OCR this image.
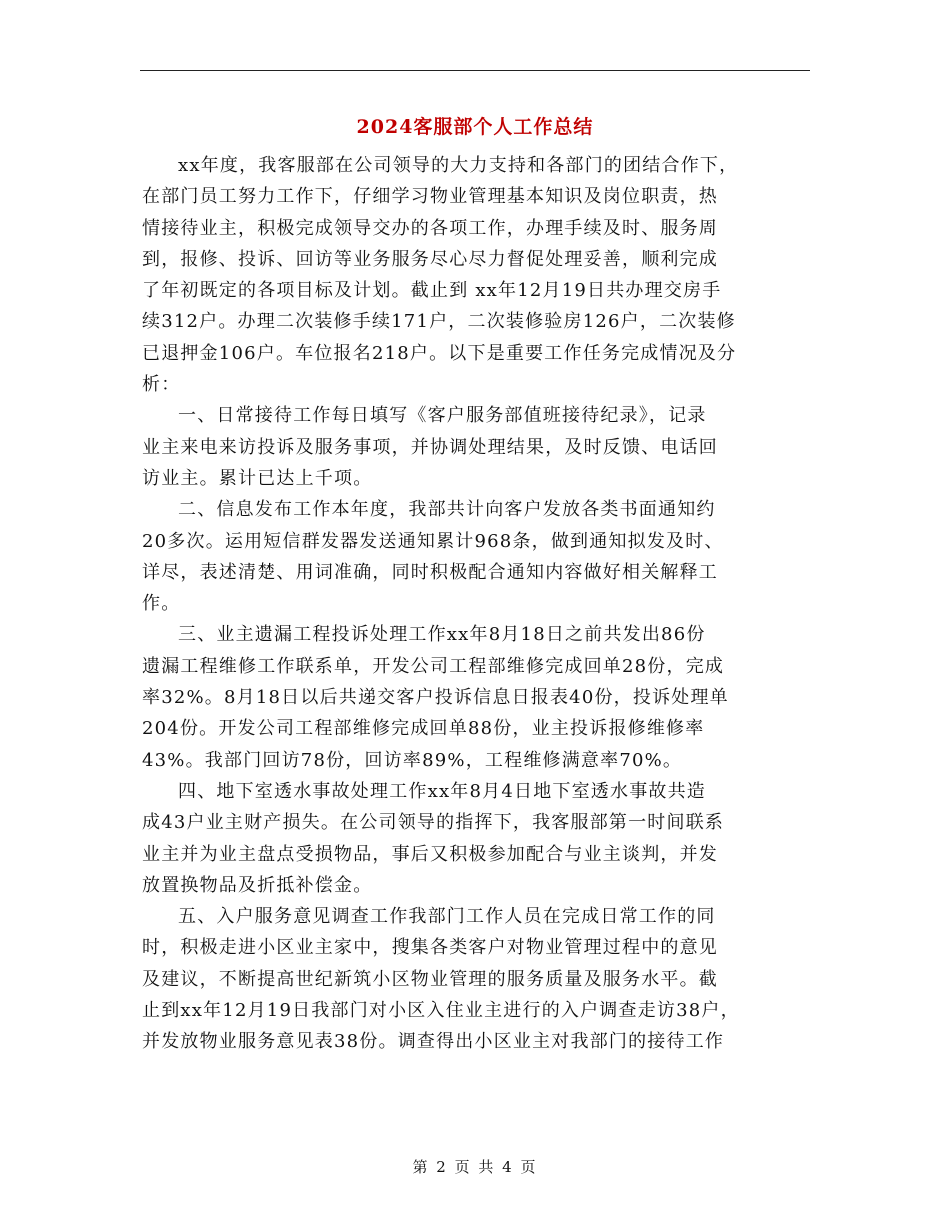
2024客服部个人工作总结

xx年度，我客服部在公司领导的大力支持和各部门的团结合作下，
在部门员工努力工作下，仔细学习物业管理基本知识及岗位职责，热
情接待业主，积极完成领导交办的各项工作，办理手续及时、服务周
到，报修、投诉、回访等业务服务尽心尽力督促处理妥善，顺利完成
了年初既定的各项目标及计划。截止到 xx年12月19日共办理交房手
续312户。办理二次装修手续171户，二次装修验房126户，二次装修
已退押金106户。车位报名218户。以下是重要工作任务完成情况及分
析：

一、日常接待工作每日填写《客户服务部值班接待纪录》，记录
业主来电来访投诉及服务事项，并协调处理结果，及时反馈、电话回
访业主。累计已达上千项。

二、信息发布工作本年度，我部共计向客户发放各类书面通知约
20多次。运用短信群发器发送通知累计968条，做到通知拟发及时、
详尽，表述清楚、用词准确，同时积极配合通知内容做好相关解释工
作。

三、业主遗漏工程投诉处理工作xx年8月18日之前共发出86份
遗漏工程维修工作联系单，开发公司工程部维修完成回单28份，完成
率32%。8月18日以后共递交客户投诉信息日报表40份，投诉处理单
204份。开发公司工程部维修完成回单88份，业主投诉报修维修率
43%。我部门回访78份，回访率89%，工程维修满意率70%。

四、地下室透水事故处理工作xx年8月4日地下室透水事故共造
成43户业主财产损失。在公司领导的指挥下，我客服部第一时间联系
业主并为业主盘点受损物品，事后又积极参加配合与业主谈判，并发
放置换物品及折抵补偿金。

五、入户服务意见调查工作我部门工作人员在完成日常工作的同
时，积极走进小区业主家中，搜集各类客户对物业管理过程中的意见
及建议，不断提高世纪新筑小区物业管理的服务质量及服务水平。截
止到xx年12月19日我部门对小区入住业主进行的入户调查走访38户，
并发放物业服务意见表38份。调查得出小区业主对我部门的接待工作

第 2 页 共 4 页
